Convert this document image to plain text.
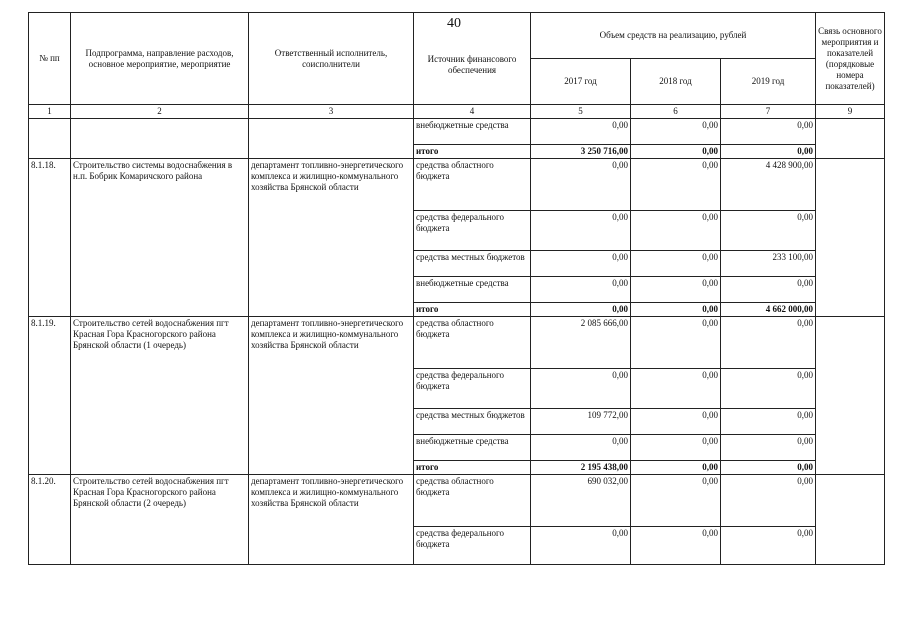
40
№ пп	Подпрограмма, направление расходов, основное мероприятие, мероприятие	Ответственный исполнитель, соисполнители	Источник финансового обеспечения	Объем средств на реализацию, рублей			Связь основного мероприятия и показателей (порядковые номера показателей)
				2017 год	2018 год	2019 год	
1	2	3	4	5	6	7	9
			внебюджетные средства	0,00	0,00	0,00	
			итого	3 250 716,00	0,00	0,00	
8.1.18.	Строительство системы водоснабжения в н.п. Бобрик Комаричского района	департамент топливно-энергетического комплекса и жилищно-коммунального хозяйства Брянской области	средства областного бюджета	0,00	0,00	4 428 900,00	
			средства федерального бюджета	0,00	0,00	0,00	
			средства местных бюджетов	0,00	0,00	233 100,00	
			внебюджетные средства	0,00	0,00	0,00	
			итого	0,00	0,00	4 662 000,00	
8.1.19.	Строительство сетей водоснабжения пгт Красная Гора Красногорского района Брянской области (1 очередь)	департамент топливно-энергетического комплекса и жилищно-коммунального хозяйства Брянской области	средства областного бюджета	2 085 666,00	0,00	0,00	
			средства федерального бюджета	0,00	0,00	0,00	
			средства местных бюджетов	109 772,00	0,00	0,00	
			внебюджетные средства	0,00	0,00	0,00	
			итого	2 195 438,00	0,00	0,00	
8.1.20.	Строительство сетей водоснабжения пгт Красная Гора Красногорского района Брянской области (2 очередь)	департамент топливно-энергетического комплекса и жилищно-коммунального хозяйства Брянской области	средства областного бюджета	690 032,00	0,00	0,00	
			средства федерального бюджета	0,00	0,00	0,00	
